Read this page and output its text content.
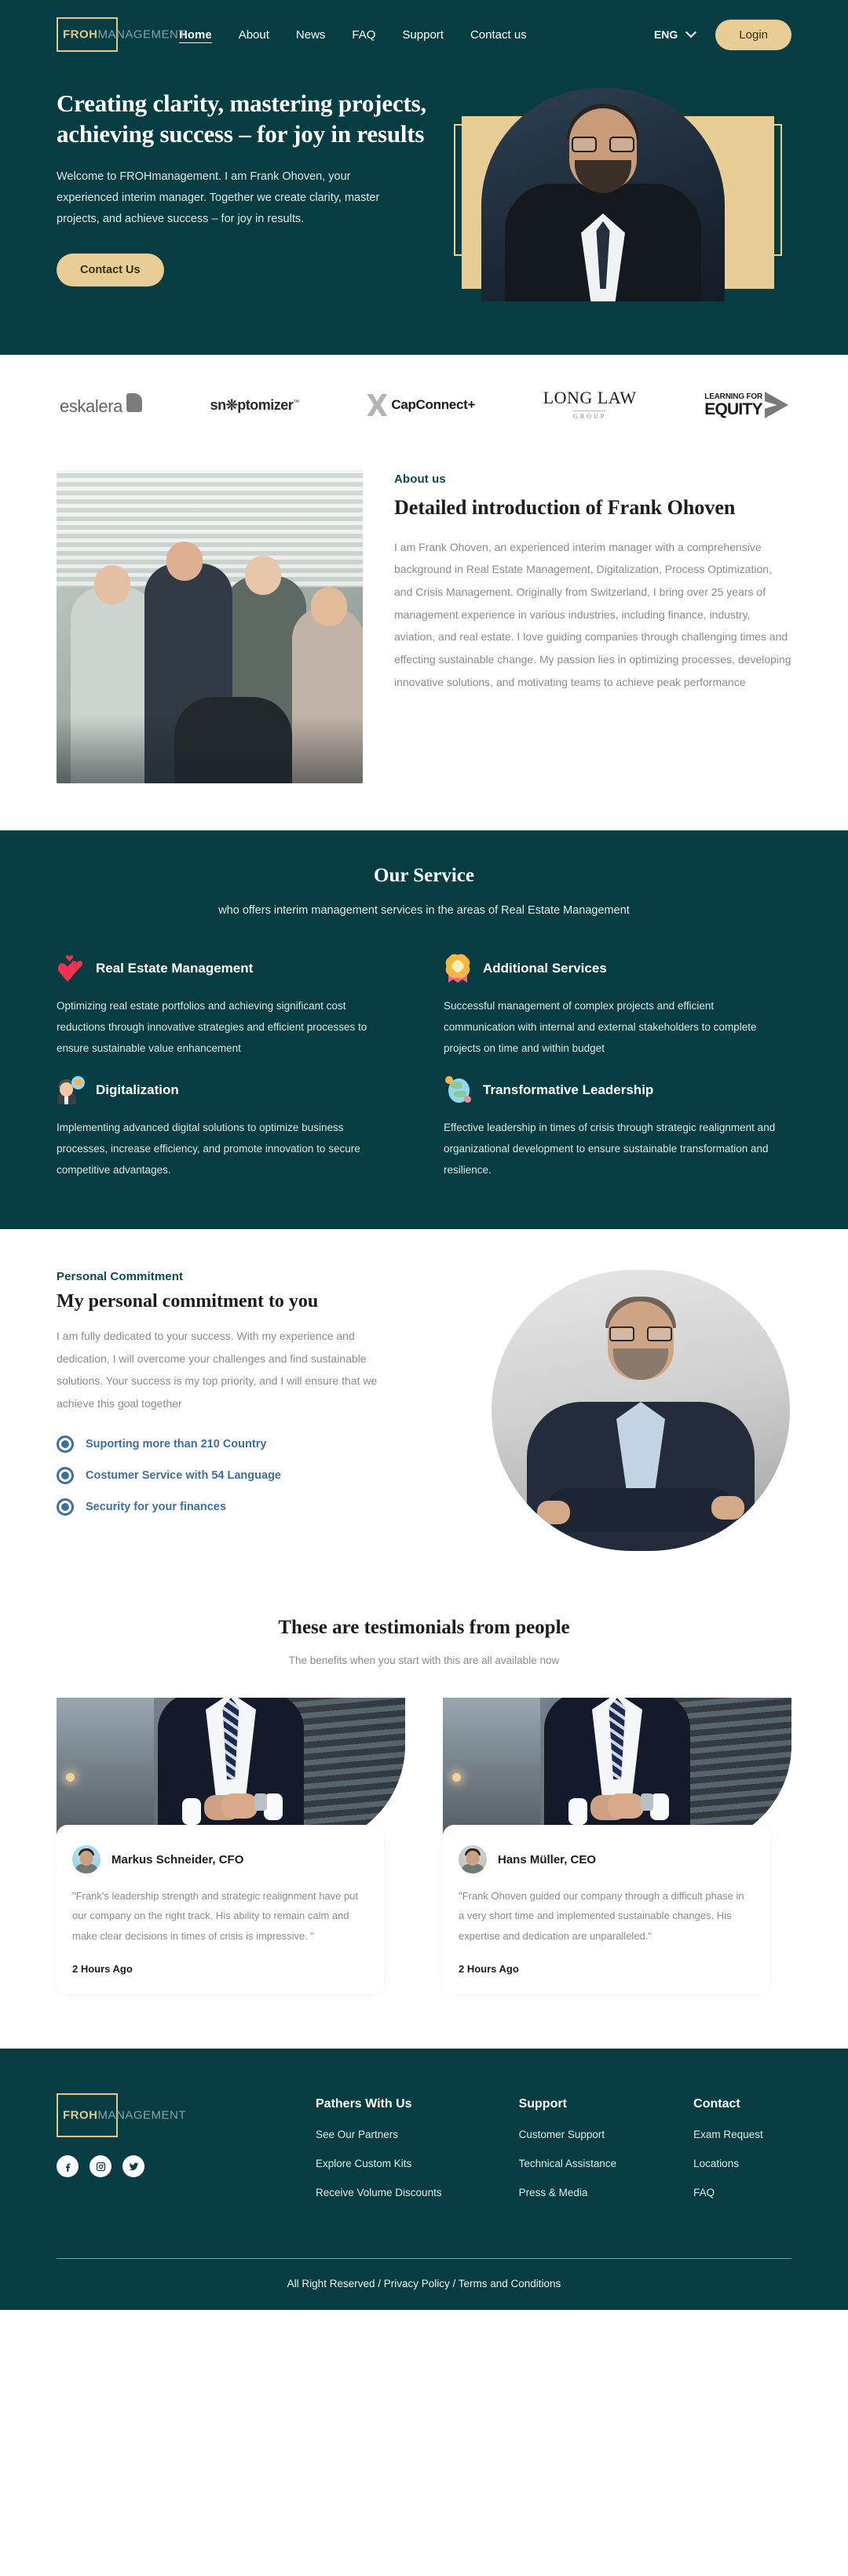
FROHMANAGEMENT
Home About News FAQ Support Contact us	ENG	Login
Creating clarity, mastering projects, achieving success – for joy in results

Welcome to FROHmanagement. I am Frank Ohoven, your experienced interim manager. Together we create clarity, master projects, and achieve success – for joy in results.

Contact Us
eskalera	sn❊ptomizer™	CapConnect+	LONG LAW
GROUP
LEARNING FOR
EQUITY
About us
Detailed introduction of Frank Ohoven

I am Frank Ohoven, an experienced interim manager with a comprehensive background in Real Estate Management, Digitalization, Process Optimization, and Crisis Management. Originally from Switzerland, I bring over 25 years of management experience in various industries, including finance, industry, aviation, and real estate. I love guiding companies through challenging times and effecting sustainable change. My passion lies in optimizing processes, developing innovative solutions, and motivating teams to achieve peak performance

Our Service

who offers interim management services in the areas of Real Estate Management

Real Estate Management

Optimizing real estate portfolios and achieving significant cost reductions through innovative strategies and efficient processes to ensure sustainable value enhancement

Additional Services

Successful management of complex projects and efficient communication with internal and external stakeholders to complete projects on time and within budget

Digitalization

Implementing advanced digital solutions to optimize business processes, increase efficiency, and promote innovation to secure competitive advantages.

Transformative Leadership

Effective leadership in times of crisis through strategic realignment and organizational development to ensure sustainable transformation and resilience.

Personal Commitment
My personal commitment to you

I am fully dedicated to your success. With my experience and dedication, I will overcome your challenges and find sustainable solutions. Your success is my top priority, and I will ensure that we achieve this goal together

Suporting more than 210 Country
Costumer Service with 54 Language
Security for your finances
These are testimonials from people

The benefits when you start with this are all available now

Markus Schneider, CFO

"Frank's leadership strength and strategic realignment have put our company on the right track. His ability to remain calm and make clear decisions in times of crisis is impressive. "

2 Hours Ago
Hans Müller, CEO

"Frank Ohoven guided our company through a difficult phase in a very short time and implemented sustainable changes. His expertise and dedication are unparalleled."

2 Hours Ago
FROHMANAGEMENT
Pathers With Us
See Our Partners
Explore Custom Kits
Receive Volume Discounts
Support
Customer Support
Technical Assistance
Press & Media
Contact
Exam Request
Locations
FAQ
All Right Reserved / Privacy Policy / Terms and Conditions
